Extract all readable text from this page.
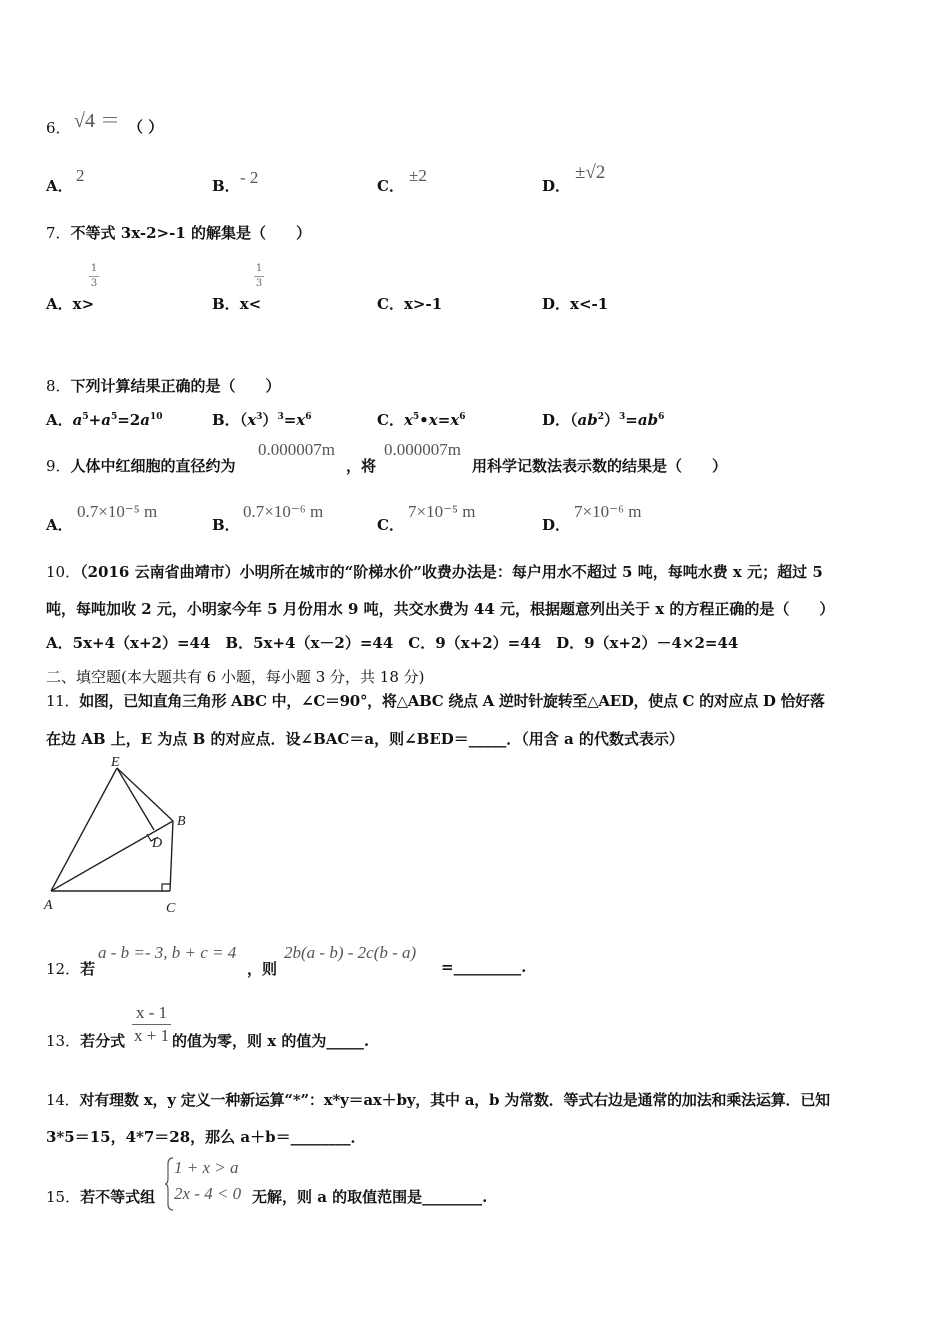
6． √4 ＝ （ ）
A．
2
B． - 2	C．
±2
D．
±√2
7．不等式 3x-2>-1 的解集是（　　）
A．x>
1
3
B．x<
1
3
C．x>-1	D．x<-1
8．下列计算结果正确的是（　　）
A．$a^5+a^5=2a^{10}$	B．$(x^3)^3=x^6$	C．$x^5•x=x^6$	D．$(ab^2)^3=ab^6$
9．人体中红细胞的直径约为
0.000007m
，将
0.000007m
用科学记数法表示数的结果是（　　）
A．
0.7×10⁻⁵ m
B．
0.7×10⁻⁶ m
C．
7×10⁻⁵ m
D．
7×10⁻⁶ m
10．（2016 云南省曲靖市）小明所在城市的“阶梯水价”收费办法是：每户用水不超过 5 吨，每吨水费 x 元；超过 5
吨，每吨加收 2 元，小明家今年 5 月份用水 9 吨，共交水费为 44 元，根据题意列出关于 x 的方程正确的是（　　）
A．5x+4（x+2）=44　B．5x+4（x－2）=44　C．9（x+2）=44　D．9（x+2）－4×2=44
二、填空题(本大题共有 6 小题，每小题 3 分，共 18 分)
11．如图，已知直角三角形 ABC 中，∠C＝90°，将△ABC 绕点 A 逆时针旋转至△AED，使点 C 的对应点 D 恰好落
在边 AB 上，E 为点 B 的对应点．设∠BAC＝a，则∠BED＝_____．（用含 a 的代数式表示）
E
B
D
A	C
12．若
a - b =- 3, b + c = 4
，则
2b(a - b) - 2c(b - a)
=_________.
13．若分式 $\frac{x - 1}{x + 1}$ 的值为零，则 x 的值为_____.
14．对有理数 x，y 定义一种新运算“*”：x*y＝ax＋by，其中 a，b 为常数．等式右边是通常的加法和乘法运算．已知
3*5＝15，4*7＝28，那么 a＋b＝________．
15．若不等式组
1 + x > a
2x - 4 < 0 无解，则 a 的取值范围是________.
